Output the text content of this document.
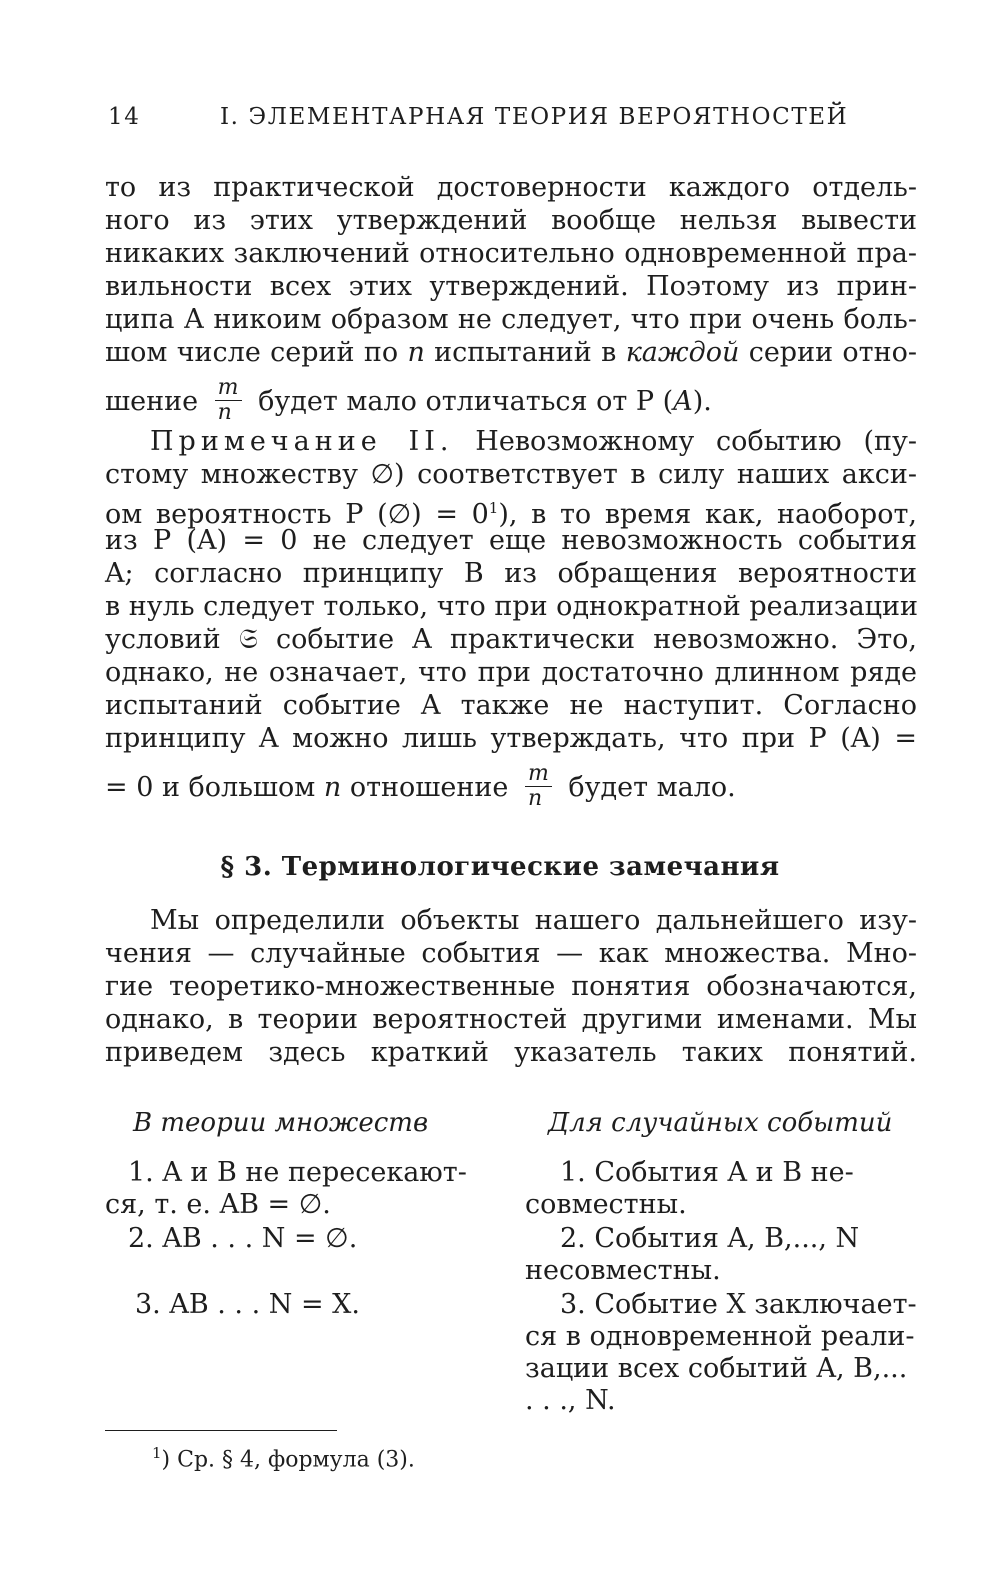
14	I. ЭЛЕМЕНТАРНАЯ ТЕОРИЯ ВЕРОЯТНОСТЕЙ
то из практической достоверности каждого отдель-
ного из этих утверждений вообще нельзя вывести
никаких заключений относительно одновременной пра-
вильности всех этих утверждений. Поэтому из прин-
ципа А никоим образом не следует, что при очень боль-
шом числе серий по n испытаний в каждой серии отно-
шение $\frac{m}{n}$ будет мало отличаться от Р (A).
Примечание II. Невозможному событию (пу-
стому множеству ∅) соответствует в силу наших акси-
ом вероятность Р (∅) = $0^1$), в то время как, наоборот,
из Р (A) = 0 не следует еще невозможность события
A; согласно принципу В из обращения вероятности
в нуль следует только, что при однократной реализации
условий 𝔖 событие A практически невозможно. Это,
однако, не означает, что при достаточно длинном ряде
испытаний событие A также не наступит. Согласно
принципу A можно лишь утверждать, что при Р (A) =
= 0 и большом n отношение $\frac{m}{n}$ будет мало.
§ 3. Терминологические замечания
Мы определили объекты нашего дальнейшего изу-
чения — случайные события — как множества. Мно-
гие теоретико-множественные понятия обозначаются,
однако, в теории вероятностей другими именами. Мы
приведем здесь краткий указатель таких понятий.
В теории множеств	Для случайных событий
1. A и B не пересекают-
ся, т. е. AB = ∅.
2. AB . . . N = ∅.
3. AB . . . N = X.
1. События A и B не-
совместны.
2. События A, B,..., N
несовместны.
3. Событие X заключает-
ся в одновременной реали-
зации всех событий A, B,...
. . ., N.
$^1$) Ср. § 4, формула (3).
